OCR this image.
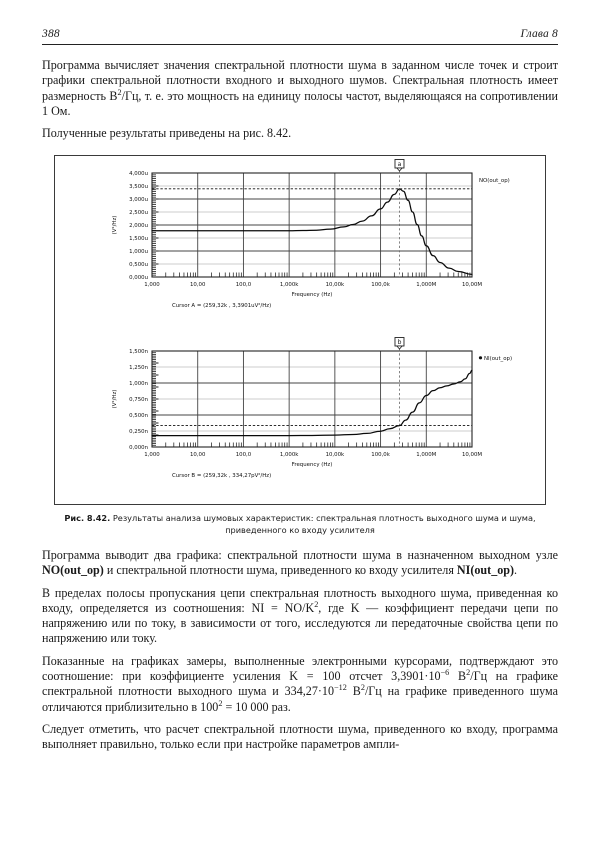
388	Глава 8

Программа вычисляет значения спектральной плотности шума в заданном числе точек и строит графики спектральной плотности входного и выходного шумов. Спектральная плотность имеет размерность $В^2/Гц$, т. е. это мощность на единицу полосы частот, выделяющаяся на сопротивлении 1 Ом.

Полученные результаты приведены на рис. 8.42.

0,000u
0,500u
1,000u
1,500u
2,000u
2,500u
3,000u
3,500u
4,000u
1,000	10,00	100,0	1,000k	10,00k	100,0k	1,000M	10,00M
Frequency (Hz)
(V²/Hz)
a
NO(out_op)
Cursor A = (259,32k , 3,3901uV²/Hz)
0,000n
0,250n
0,500n
0,750n
1,000n
1,250n
1,500n
1,000	10,00	100,0	1,000k	10,00k	100,0k	1,000M	10,00M
Frequency (Hz)
(V²/Hz)
b
NI(out_op)
Cursor B = (259,32k , 334,27pV²/Hz)
Рис. 8.42. Результаты анализа шумовых характеристик: спектральная плотность выходного шума и шума, приведенного ко входу усилителя

Программа выводит два графика: спектральной плотности шума в назначенном выходном узле NO(out_op) и спектральной плотности шума, приведенного ко входу усилителя NI(out_op).

В пределах полосы пропускания цепи спектральная плотность выходного шума, приведенная ко входу, определяется из соотношения: NI = $NO/K^2$, где K — коэффициент передачи цепи по напряжению или по току, в зависимости от того, исследуются ли передаточные свойства цепи по напряжению или току.

Показанные на графиках замеры, выполненные электронными курсорами, подтверждают это соотношение: при коэффициенте усиления K = 100 отсчет $3,3901\cdot 10^{-6}$ $В^2/Гц$ на графике спектральной плотности выходного шума и $334,27\cdot 10^{-12}$ $В^2/Гц$ на графике приведенного шума отличаются приблизительно в $100^2 = 10$ 000 раз.

Следует отметить, что расчет спектральной плотности шума, приведенного ко входу, программа выполняет правильно, только если при настройке параметров ампли-
